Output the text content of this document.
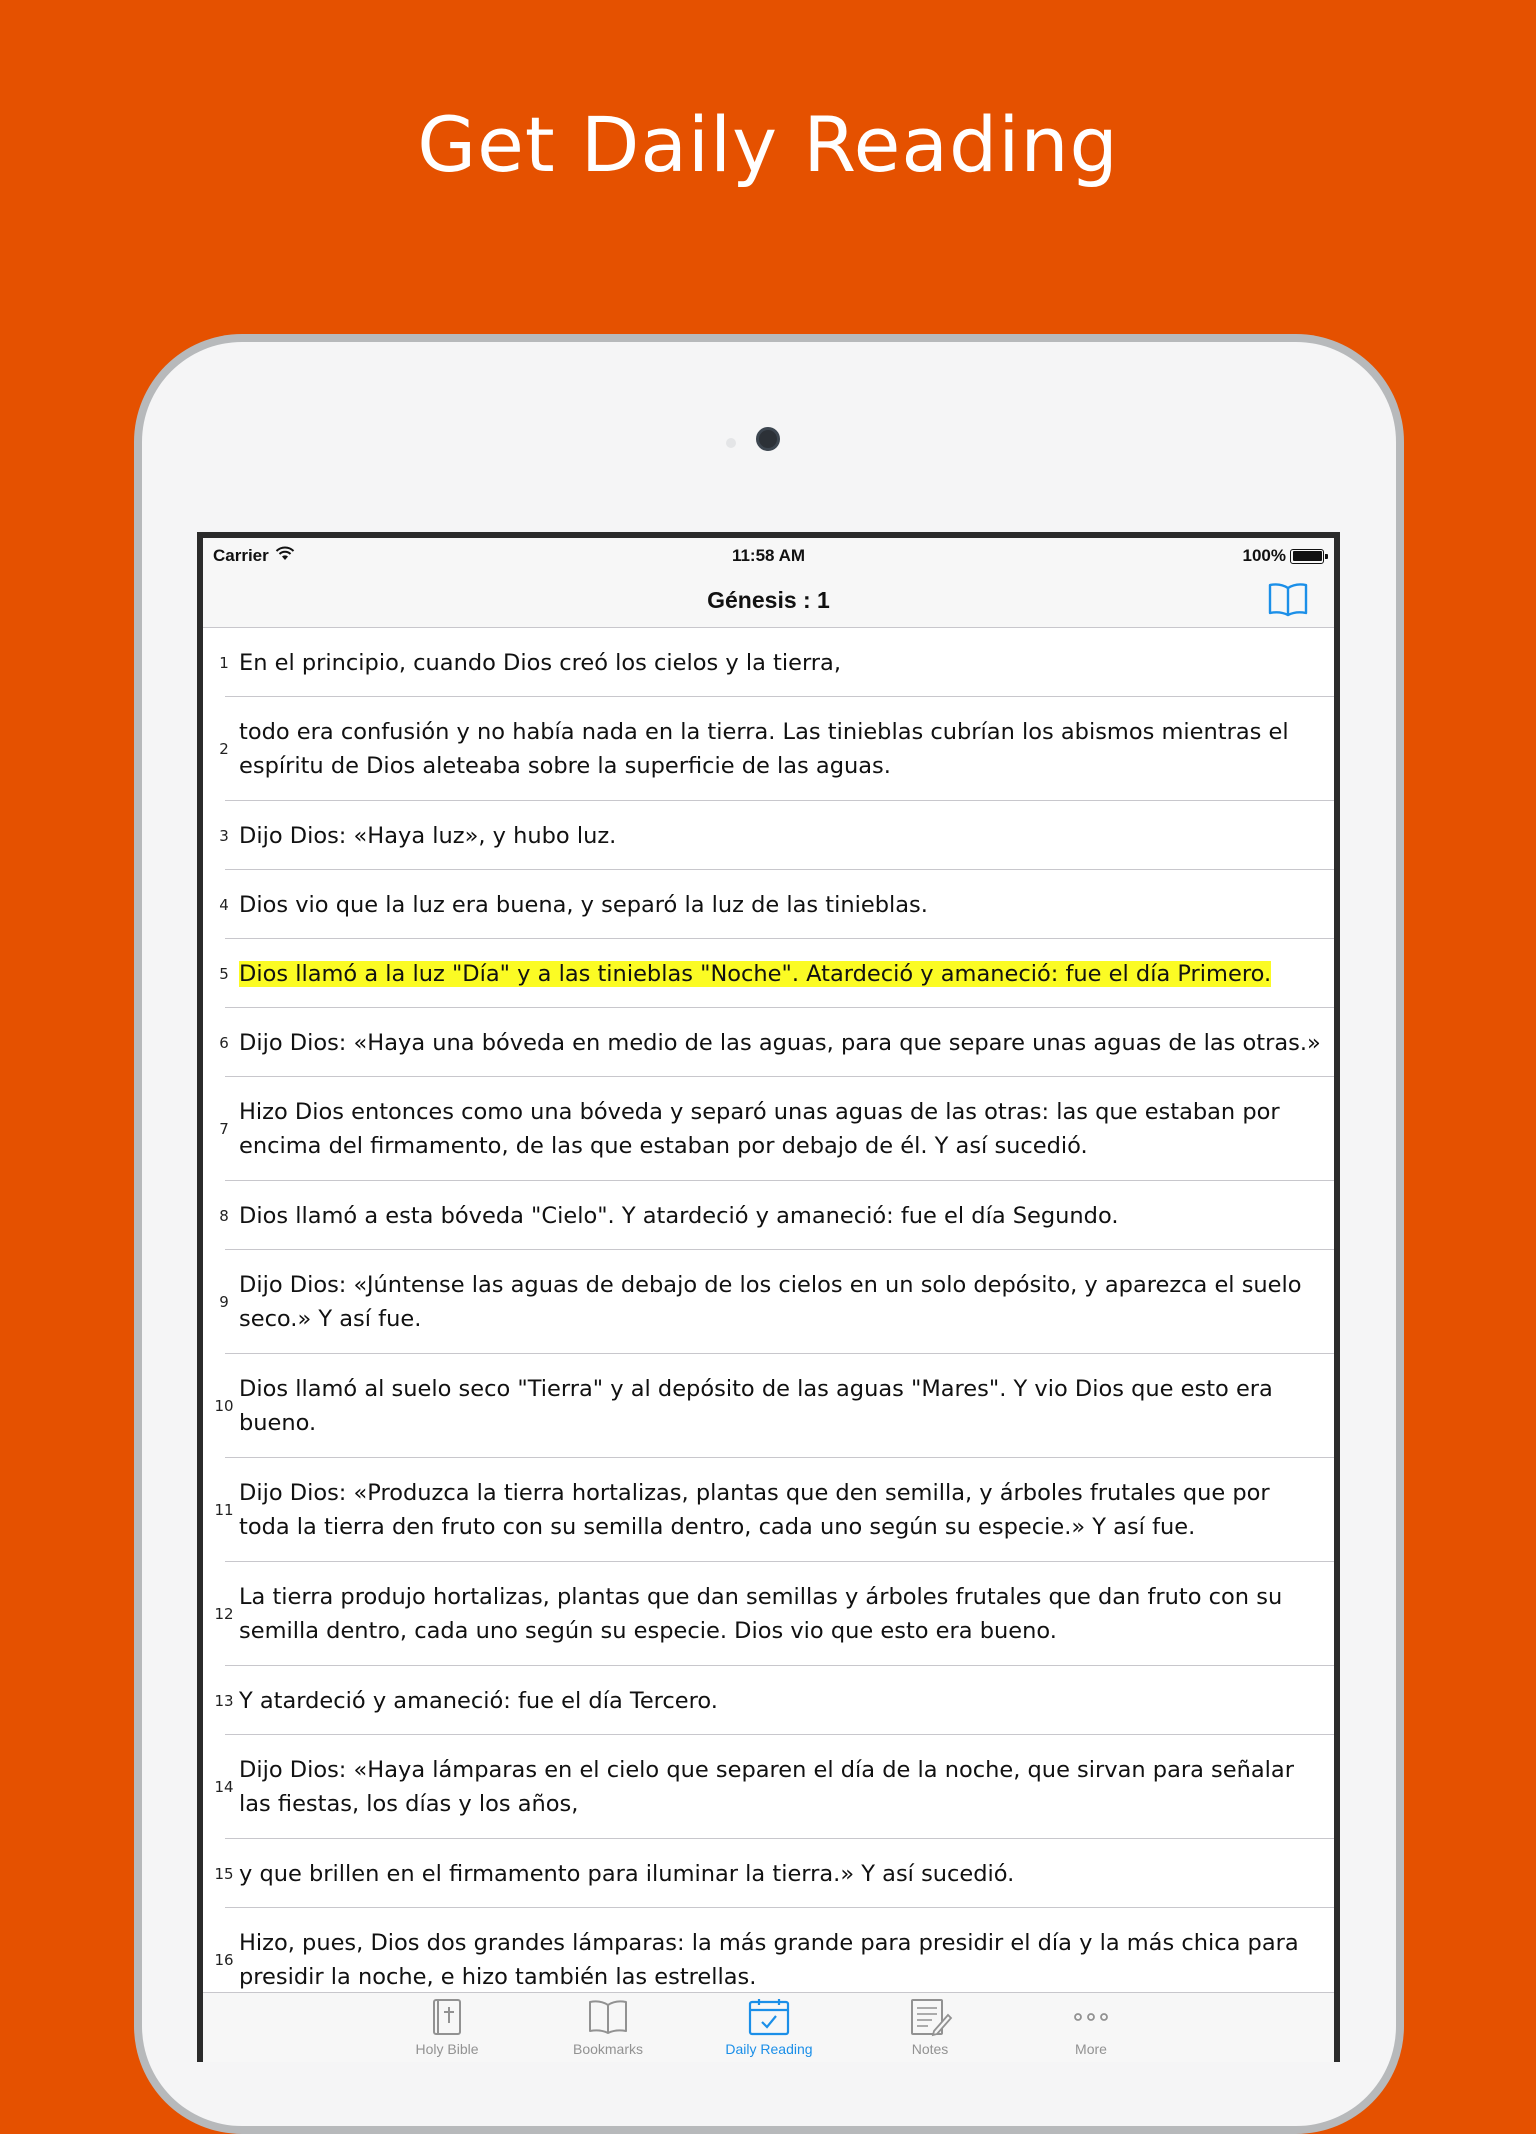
Get Daily Reading
Carrier	11:58 AM	100%
Génesis : 1
1 En el principio, cuando Dios creó los cielos y la tierra,
2
todo era confusión y no había nada en la tierra. Las tinieblas cubrían los abismos mientras el espíritu de Dios aleteaba sobre la superficie de las aguas.
3 Dijo Dios: «Haya luz», y hubo luz.
4 Dios vio que la luz era buena, y separó la luz de las tinieblas.
5 Dios llamó a la luz "Día" y a las tinieblas "Noche". Atardeció y amaneció: fue el día Primero.
6 Dijo Dios: «Haya una bóveda en medio de las aguas, para que separe unas aguas de las otras.»
7
Hizo Dios entonces como una bóveda y separó unas aguas de las otras: las que estaban por encima del firmamento, de las que estaban por debajo de él. Y así sucedió.
8 Dios llamó a esta bóveda "Cielo". Y atardeció y amaneció: fue el día Segundo.
9
Dijo Dios: «Júntense las aguas de debajo de los cielos en un solo depósito, y aparezca el suelo seco.» Y así fue.
10
Dios llamó al suelo seco "Tierra" y al depósito de las aguas "Mares". Y vio Dios que esto era bueno.
11
Dijo Dios: «Produzca la tierra hortalizas, plantas que den semilla, y árboles frutales que por toda la tierra den fruto con su semilla dentro, cada uno según su especie.» Y así fue.
12
La tierra produjo hortalizas, plantas que dan semillas y árboles frutales que dan fruto con su semilla dentro, cada uno según su especie. Dios vio que esto era bueno.
13 Y atardeció y amaneció: fue el día Tercero.
14
Dijo Dios: «Haya lámparas en el cielo que separen el día de la noche, que sirvan para señalar las fiestas, los días y los años,
15 y que brillen en el firmamento para iluminar la tierra.» Y así sucedió.
16
Hizo, pues, Dios dos grandes lámparas: la más grande para presidir el día y la más chica para presidir la noche, e hizo también las estrellas.
Holy Bible	Bookmarks	Daily Reading	Notes	More
